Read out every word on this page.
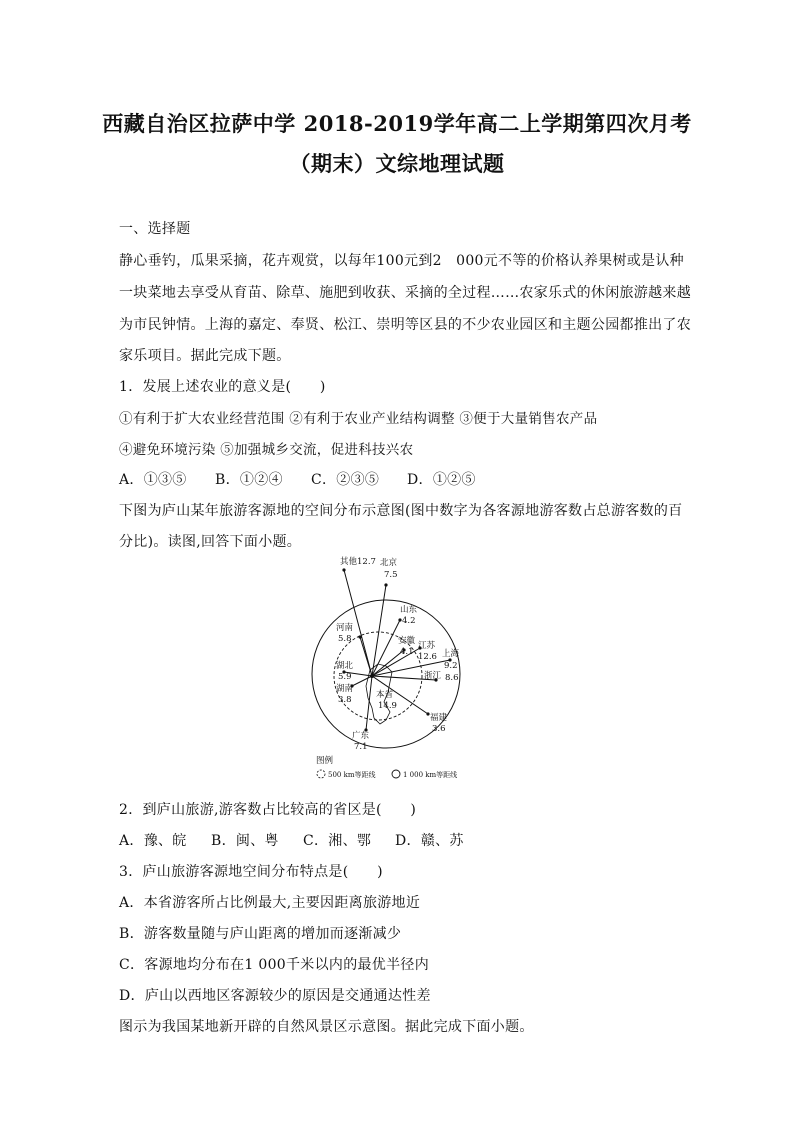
西藏自治区拉萨中学 2018-2019学年高二上学期第四次月考
（期末）文综地理试题
一、选择题
静心垂钓，瓜果采摘，花卉观赏，以每年100元到2　000元不等的价格认养果树或是认种
一块菜地去享受从育苗、除草、施肥到收获、采摘的全过程……农家乐式的休闲旅游越来越
为市民钟情。上海的嘉定、奉贤、松江、崇明等区县的不少农业园区和主题公园都推出了农
家乐项目。据此完成下题。
1．发展上述农业的意义是(　　)
①有利于扩大农业经营范围 ②有利于农业产业结构调整 ③便于大量销售农产品
④避免环境污染 ⑤加强城乡交流，促进科技兴农
A．①③⑤ B．①②④ C．②③⑤ D．①②⑤
下图为庐山某年旅游客源地的空间分布示意图(图中数字为各客源地游客数占总游客数的百
分比)。读图,回答下面小题。
其他12.7 北京
7.5
山东
4.2
河南
5.8	安徽
4.1
江苏
12.6 上海
9.2
浙江 8.6
湖北
5.9
湖南
3.8	本省
14.9
福建
3.6
广东
7.1
图例
500 km等距线	1 000 km等距线
2．到庐山旅游,游客数占比较高的省区是(　　)
A．豫、皖 B．闽、粤 C．湘、鄂 D．赣、苏
3．庐山旅游客源地空间分布特点是(　　)
A．本省游客所占比例最大,主要因距离旅游地近
B．游客数量随与庐山距离的增加而逐渐减少
C．客源地均分布在1 000千米以内的最优半径内
D．庐山以西地区客源较少的原因是交通通达性差
图示为我国某地新开辟的自然风景区示意图。据此完成下面小题。
